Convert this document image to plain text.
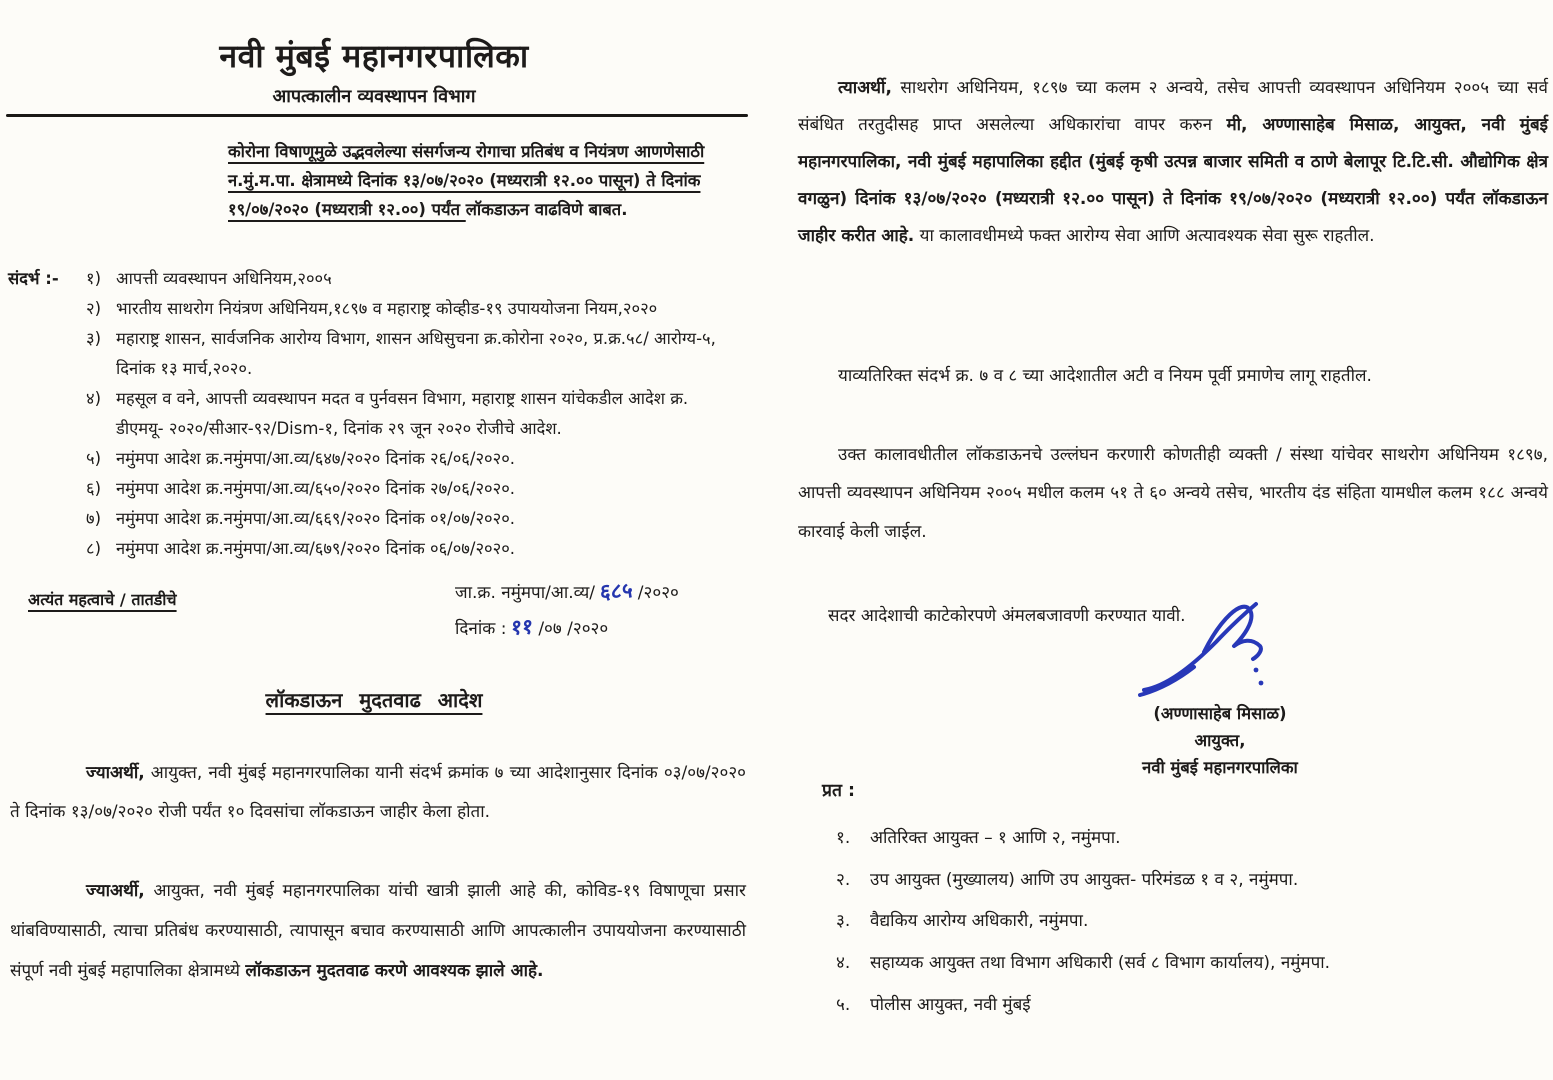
नवी मुंबई महानगरपालिका
आपत्कालीन व्यवस्थापन विभाग
कोरोना विषाणूमुळे उद्भवलेल्या संसर्गजन्य रोगाचा प्रतिबंध व नियंत्रण आणणेसाठी न.मुं.म.पा. क्षेत्रामध्ये दिनांक १३/०७/२०२० (मध्यरात्री १२.०० पासून) ते दिनांक १९/०७/२०२० (मध्यरात्री १२.००) पर्यंत लॉकडाऊन वाढविणे बाबत.
संदर्भ :-	१) आपत्ती व्यवस्थापन अधिनियम,२००५
२) भारतीय साथरोग नियंत्रण अधिनियम,१८९७ व महाराष्ट्र कोव्हीड-१९ उपाययोजना नियम,२०२०
३) महाराष्ट्र शासन, सार्वजनिक आरोग्य विभाग, शासन अधिसुचना क्र.कोरोना २०२०, प्र.क्र.५८/ आरोग्य-५, दिनांक १३ मार्च,२०२०.
४) महसूल व वने, आपत्ती व्यवस्थापन मदत व पुर्नवसन विभाग, महाराष्ट्र शासन यांचेकडील आदेश क्र. डीएमयू- २०२०/सीआर-९२/Dism-१, दिनांक २९ जून २०२० रोजीचे आदेश.
५) नमुंमपा आदेश क्र.नमुंमपा/आ.व्य/६४७/२०२० दिनांक २६/०६/२०२०.
६) नमुंमपा आदेश क्र.नमुंमपा/आ.व्य/६५०/२०२० दिनांक २७/०६/२०२०.
७) नमुंमपा आदेश क्र.नमुंमपा/आ.व्य/६६९/२०२० दिनांक ०१/०७/२०२०.
८) नमुंमपा आदेश क्र.नमुंमपा/आ.व्य/६७९/२०२० दिनांक ०६/०७/२०२०.
अत्यंत महत्वाचे / तातडीचे	जा.क्र. नमुंमपा/आ.व्य/ ६८५ /२०२०
दिनांक : ११ /०७ /२०२०
लॉकडाऊन मुदतवाढ आदेश
ज्याअर्थी, आयुक्त, नवी मुंबई महानगरपालिका यानी संदर्भ क्रमांक ७ च्या आदेशानुसार दिनांक ०३/०७/२०२० ते दिनांक १३/०७/२०२० रोजी पर्यंत १० दिवसांचा लॉकडाऊन जाहीर केला होता.
ज्याअर्थी, आयुक्त, नवी मुंबई महानगरपालिका यांची खात्री झाली आहे की, कोविड-१९ विषाणूचा प्रसार थांबविण्यासाठी, त्याचा प्रतिबंध करण्यासाठी, त्यापासून बचाव करण्यासाठी आणि आपत्कालीन उपाययोजना करण्यासाठी संपूर्ण नवी मुंबई महापालिका क्षेत्रामध्ये लॉकडाऊन मुदतवाढ करणे आवश्यक झाले आहे.
त्याअर्थी, साथरोग अधिनियम, १८९७ च्या कलम २ अन्वये, तसेच आपत्ती व्यवस्थापन अधिनियम २००५ च्या सर्व संबंधित तरतुदीसह प्राप्त असलेल्या अधिकारांचा वापर करुन मी, अण्णासाहेब मिसाळ, आयुक्त, नवी मुंबई महानगरपालिका, नवी मुंबई महापालिका हद्दीत (मुंबई कृषी उत्पन्न बाजार समिती व ठाणे बेलापूर टि.टि.सी. औद्योगिक क्षेत्र वगळुन) दिनांक १३/०७/२०२० (मध्यरात्री १२.०० पासून) ते दिनांक १९/०७/२०२० (मध्यरात्री १२.००) पर्यंत लॉकडाऊन जाहीर करीत आहे. या कालावधीमध्ये फक्त आरोग्य सेवा आणि अत्यावश्यक सेवा सुरू राहतील.
याव्यतिरिक्त संदर्भ क्र. ७ व ८ च्या आदेशातील अटी व नियम पूर्वी प्रमाणेच लागू राहतील.
उक्त कालावधीतील लॉकडाऊनचे उल्लंघन करणारी कोणतीही व्यक्ती / संस्था यांचेवर साथरोग अधिनियम १८९७, आपत्ती व्यवस्थापन अधिनियम २००५ मधील कलम ५१ ते ६० अन्वये तसेच, भारतीय दंड संहिता यामधील कलम १८८ अन्वये कारवाई केली जाईल.
सदर आदेशाची काटेकोरपणे अंमलबजावणी करण्यात यावी.
(अण्णासाहेब मिसाळ)
आयुक्त,
नवी मुंबई महानगरपालिका
प्रत :
१.	अतिरिक्त आयुक्त – १ आणि २, नमुंमपा.
२.	उप आयुक्त (मुख्यालय) आणि उप आयुक्त- परिमंडळ १ व २, नमुंमपा.
३.	वैद्यकिय आरोग्य अधिकारी, नमुंमपा.
४.	सहाय्यक आयुक्त तथा विभाग अधिकारी (सर्व ८ विभाग कार्यालय), नमुंमपा.
५.	पोलीस आयुक्त, नवी मुंबई
